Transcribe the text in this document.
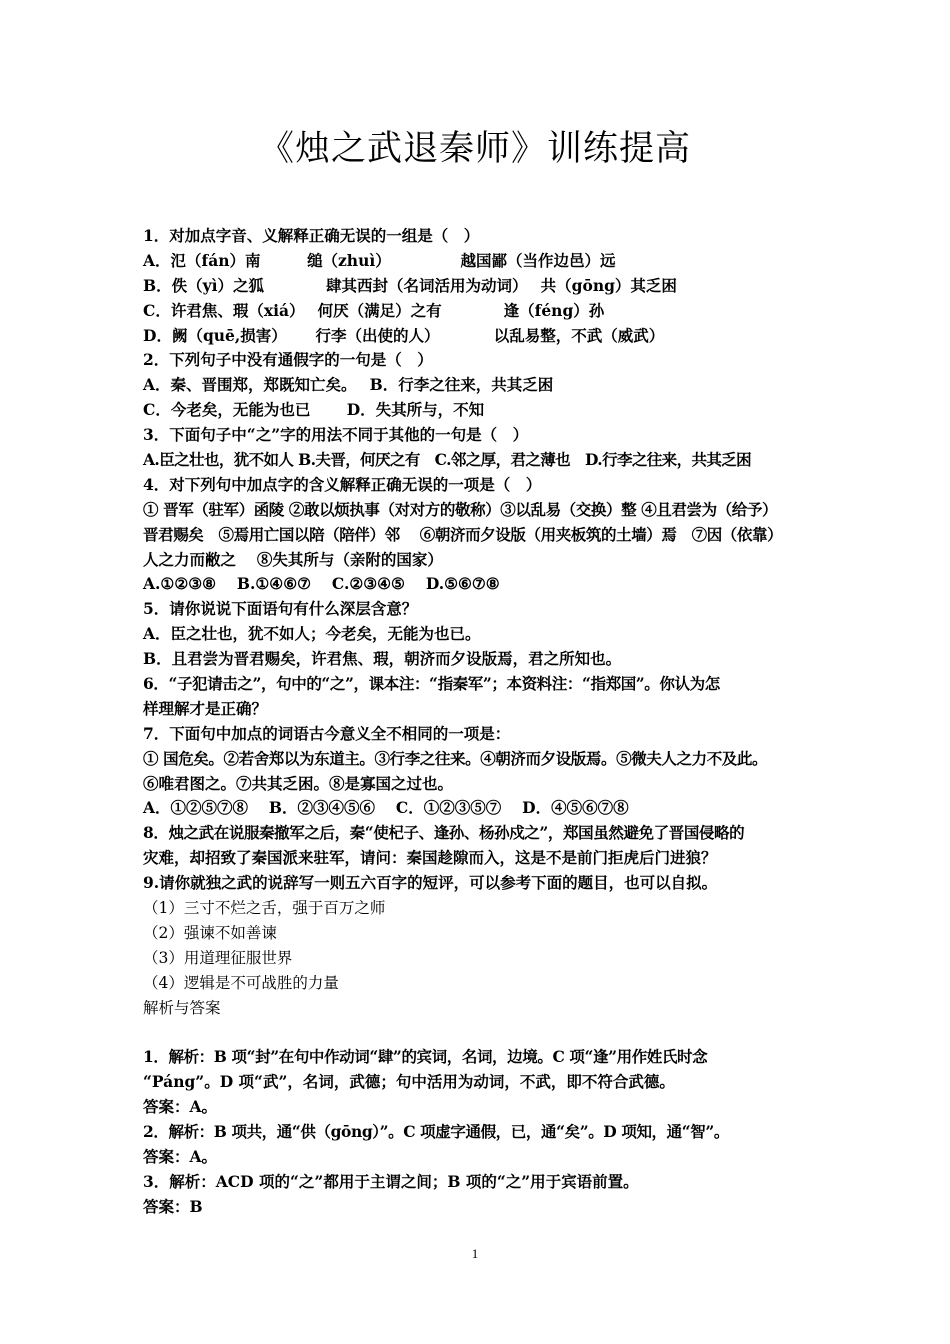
《烛之武退秦师》训练提高
1．对加点字音、义解释正确无误的一组是（　）
A．氾（fán）南　　　缒（zhuì）　　　　　越国鄙（当作边邑）远
B．佚（yì）之狐　　　　肆其西封（名词活用为动词）　 共（gōng）其乏困
C．许君焦、瑕（xiá）　 何厌（满足）之有　　　　逢（féng）孙
D．阙（quē,损害）　　 行李（出使的人）　　　　以乱易整，不武（威武）
2．下列句子中没有通假字的一句是（　）
A．秦、晋围郑，郑既知亡矣。　 B．行李之往来，共其乏困
C．今老矣，无能为也已　　 D．失其所与，不知
3．下面句子中“之”字的用法不同于其他的一句是（　）
A.臣之壮也，犹不如人 B.夫晋，何厌之有　C.邻之厚，君之薄也　D.行李之往来，共其乏困
4．对下列句中加点字的含义解释正确无误的一项是（　）
① 晋军（驻军）函陵 ②敢以烦执事（对对方的敬称）③以乱易（交换）整 ④且君尝为（给予）
晋君赐矣　⑤焉用亡国以陪（陪伴）邻　 ⑥朝济而夕设版（用夹板筑的土墙）焉　⑦因（依靠）
人之力而敝之　 ⑧失其所与（亲附的国家）
A.①②③⑧　 B.①④⑥⑦　 C.②③④⑤　 D.⑤⑥⑦⑧
5．请你说说下面语句有什么深层含意？
A．臣之壮也，犹不如人；今老矣，无能为也已。
B．且君尝为晋君赐矣，许君焦、瑕，朝济而夕设版焉，君之所知也。
6．“子犯请击之”，句中的“之”，课本注：“指秦军”；本资料注：“指郑国”。你认为怎
样理解才是正确？
7．下面句中加点的词语古今意义全不相同的一项是：
① 国危矣。②若舍郑以为东道主。③行李之往来。④朝济而夕设版焉。⑤微夫人之力不及此。
⑥唯君图之。⑦共其乏困。⑧是寡国之过也。
A．①②⑤⑦⑧　 B．②③④⑤⑥　 C．①②③⑤⑦　 D．④⑤⑥⑦⑧
8．烛之武在说服秦撤军之后，秦“使杞子、逢孙、杨孙戍之”，郑国虽然避免了晋国侵略的
灾难，却招致了秦国派来驻军，请问：秦国趁隙而入，这是不是前门拒虎后门进狼？
9.请你就独之武的说辞写一则五六百字的短评，可以参考下面的题目，也可以自拟。
（1）三寸不烂之舌，强于百万之师
（2）强谏不如善谏
（3）用道理征服世界
（4）逻辑是不可战胜的力量
解析与答案
1．解析：B 项“封”在句中作动词“肆”的宾词，名词，边境。C 项“逢”用作姓氏时念
“Páng”。D 项“武”，名词，武德；句中活用为动词，不武，即不符合武德。
答案：A。
2．解析：B 项共，通“供（gōng）”。C 项虚字通假，已，通“矣”。D 项知，通“智”。
答案：A。
3．解析：ACD 项的“之”都用于主谓之间；B 项的“之”用于宾语前置。
答案：B
1
